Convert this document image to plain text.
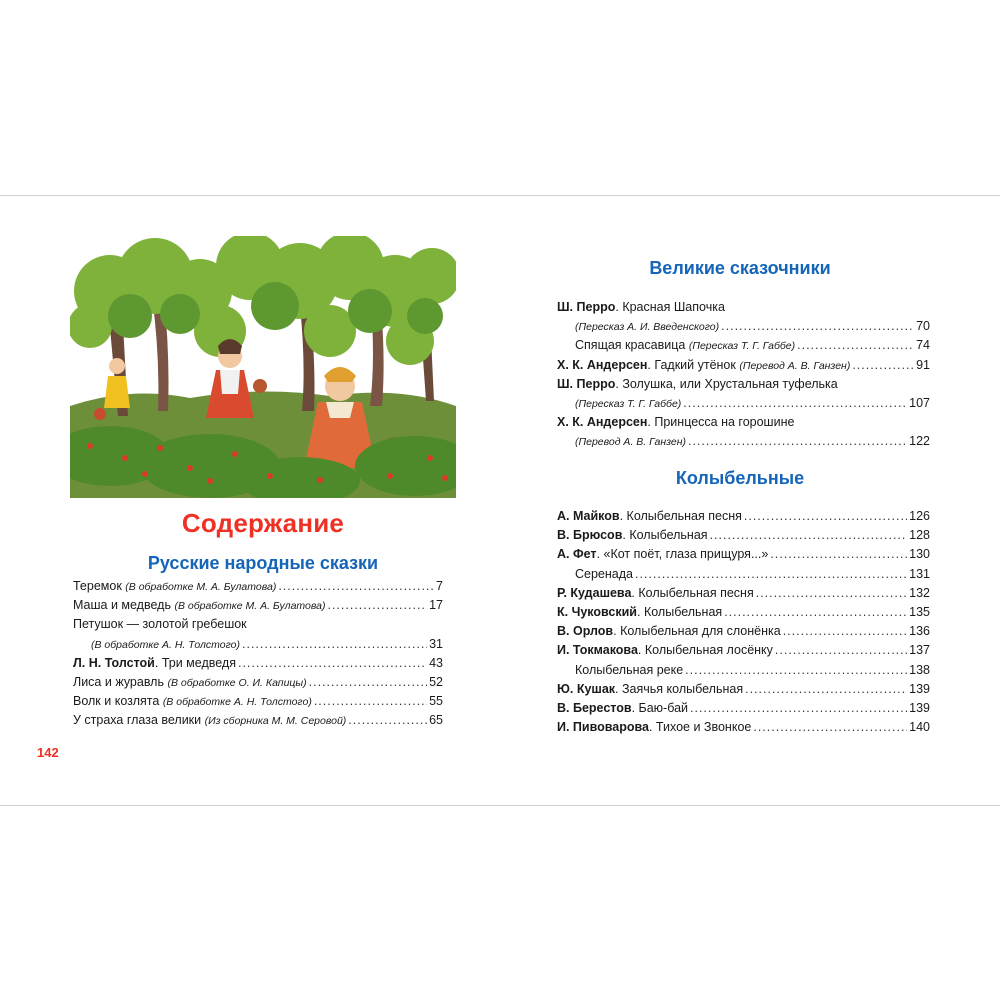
Содержание
Русские народные сказки
Теремок (В обработке М. А. Булатова) .....	7
Маша и медведь (В обработке М. А. Булатова) .....	17
Петушок — золотой гребешок
(В обработке А. Н. Толстого) .....	31
Л. Н. Толстой. Три медведя .....	43
Лиса и журавль (В обработке О. И. Капицы) .....	52
Волк и козлята (В обработке А. Н. Толстого) .....	55
У страха глаза велики (Из сборника М. М. Серовой) .....	65
142
Великие сказочники
Ш. Перро. Красная Шапочка
(Пересказ А. И. Введенского) .....	70
Спящая красавица (Пересказ Т. Г. Габбе) .....	74
Х. К. Андерсен. Гадкий утёнок (Перевод А. В. Ганзен) .....	91
Ш. Перро. Золушка, или Хрустальная туфелька
(Пересказ Т. Г. Габбе) .....	107
Х. К. Андерсен. Принцесса на горошине
(Перевод А. В. Ганзен) .....	122
Колыбельные
А. Майков. Колыбельная песня .....	126
В. Брюсов. Колыбельная .....	128
А. Фет. «Кот поёт, глаза прищуря...» .....	130
Серенада .....	131
Р. Кудашева. Колыбельная песня .....	132
К. Чуковский. Колыбельная .....	135
В. Орлов. Колыбельная для слонёнка .....	136
И. Токмакова. Колыбельная лосёнку .....	137
Колыбельная реке .....	138
Ю. Кушак. Заячья колыбельная .....	139
В. Берестов. Баю-бай .....	139
И. Пивоварова. Тихое и Звонкое .....	140
